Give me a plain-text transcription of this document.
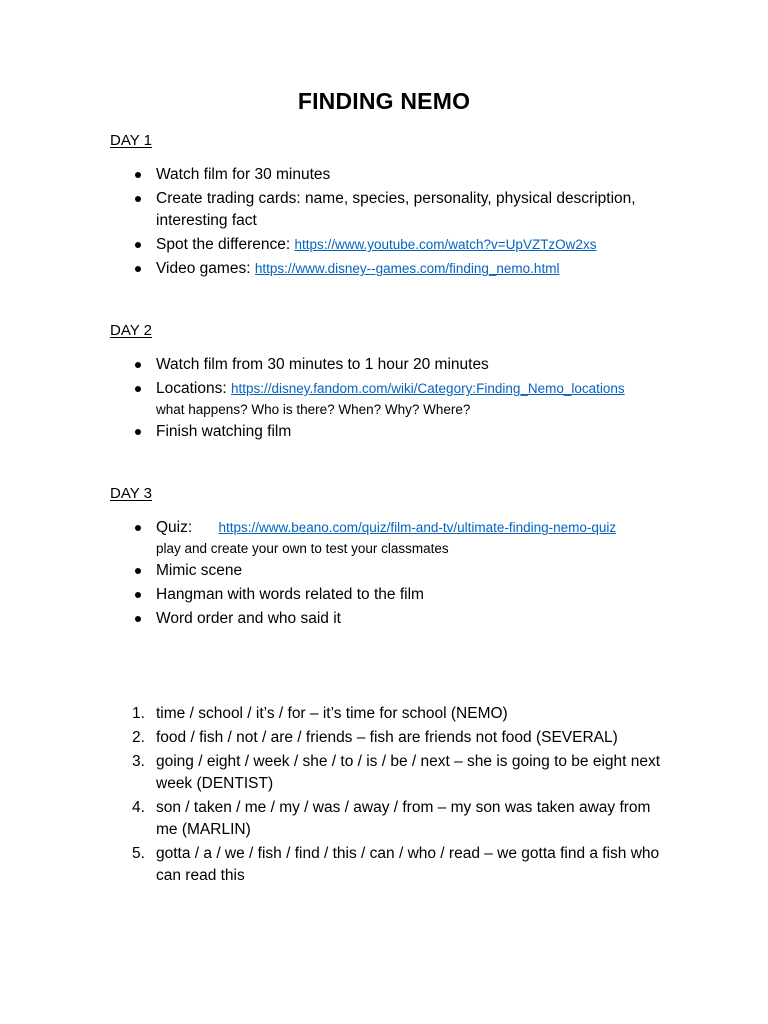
FINDING NEMO

DAY 1

Watch film for 30 minutes
Create trading cards: name, species, personality, physical description, interesting fact
Spot the difference: https://www.youtube.com/watch?v=UpVZTzOw2xs
Video games: https://www.disney--games.com/finding_nemo.html

DAY 2

Watch film from 30 minutes to 1 hour 20 minutes
Locations: https://disney.fandom.com/wiki/Category:Finding_Nemo_locations
what happens? Who is there? When? Why? Where?
Finish watching film

DAY 3

Quiz: https://www.beano.com/quiz/film-and-tv/ultimate-finding-nemo-quiz
play and create your own to test your classmates
Mimic scene
Hangman with words related to the film
Word order and who said it
1. time / school / it’s / for – it’s time for school (NEMO)
2. food / fish / not / are / friends – fish are friends not food (SEVERAL)
3. going / eight / week / she / to / is / be / next – she is going to be eight next week (DENTIST)
4. son / taken / me / my / was / away / from – my son was taken away from me (MARLIN)
5. gotta / a / we / fish / find / this / can / who / read – we gotta find a fish who can read this
